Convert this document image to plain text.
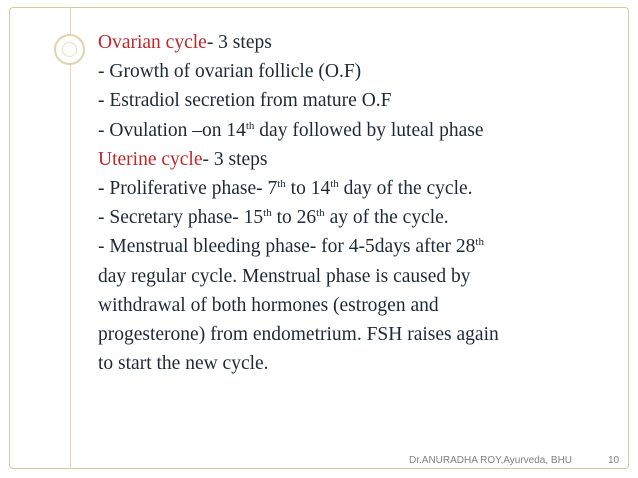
Ovarian cycle- 3 steps
- Growth of ovarian follicle (O.F)
- Estradiol secretion from mature O.F
- Ovulation –on 14th day followed by luteal phase
Uterine cycle- 3 steps
- Proliferative phase- 7th to 14th day of the cycle.
- Secretary phase- 15th to 26th ay of the cycle.
- Menstrual bleeding phase- for 4-5days after 28th
day regular cycle. Menstrual phase is caused by
withdrawal of both hormones (estrogen and
progesterone) from endometrium. FSH raises again
to start the new cycle.
Dr.ANURADHA ROY,Ayurveda, BHU	10
